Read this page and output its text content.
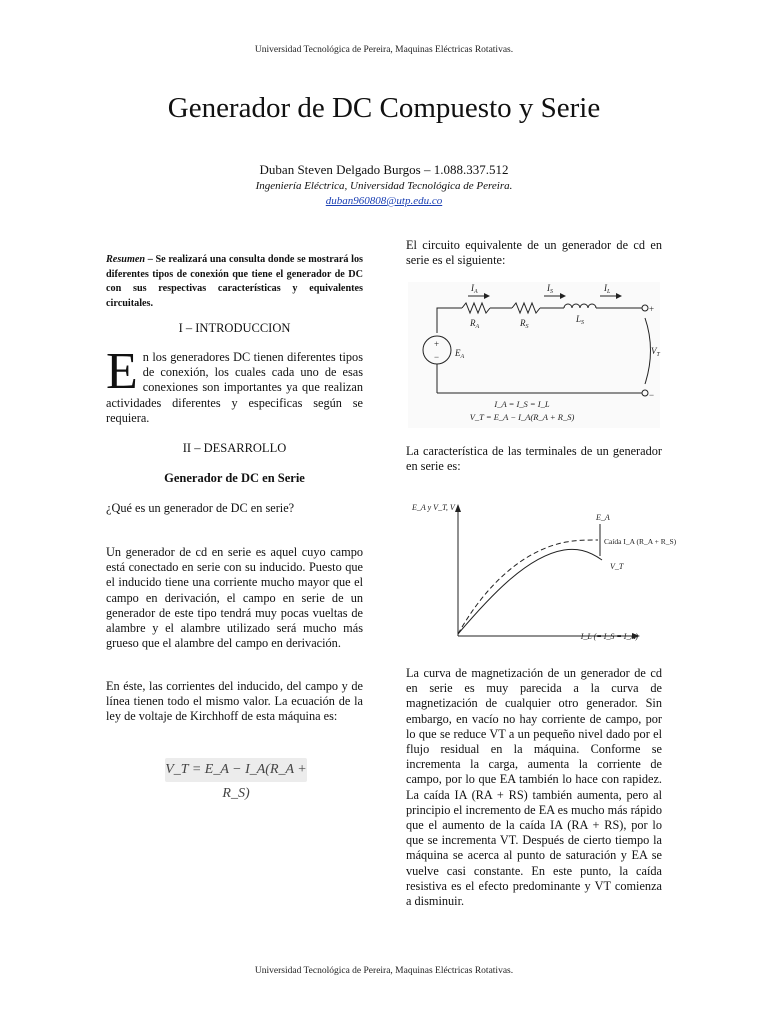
Universidad Tecnológica de Pereira, Maquinas Eléctricas Rotativas.
Generador de DC Compuesto y Serie
Duban Steven Delgado Burgos – 1.088.337.512
Ingeniería Eléctrica, Universidad Tecnológica de Pereira.
duban960808@utp.edu.co
Resumen – Se realizará una consulta donde se mostrará los diferentes tipos de conexión que tiene el generador de DC con sus respectivas características y equivalentes circuitales.
I – INTRODUCCION
En los generadores DC tienen diferentes tipos de conexión, los cuales cada uno de esas conexiones son importantes ya que realizan actividades diferentes y especificas según se requiera.
II – DESARROLLO
Generador de DC en Serie
¿Qué es un generador de DC en serie?
Un generador de cd en serie es aquel cuyo campo está conectado en serie con su inducido. Puesto que el inducido tiene una corriente mucho mayor que el campo en derivación, el campo en serie de un generador de este tipo tendrá muy pocas vueltas de alambre y el alambre utilizado será mucho más grueso que el alambre del campo en derivación.
En éste, las corrientes del inducido, del campo y de línea tienen todo el mismo valor. La ecuación de la ley de voltaje de Kirchhoff de esta máquina es:
V_T = E_A − I_A(R_A + R_S)
El circuito equivalente de un generador de cd en serie es el siguiente:
$I_A$	$I_S$	$I_L$
$R_A$	$R_S$
$L_S$
$E_A$
$V_T$
+
−
+
−
I_A = I_S = I_L
V_T = E_A − I_A(R_A + R_S)
La característica de las terminales de un generador en serie es:
E_A y V_T, V
I_L (= I_S = I_A)
E_A
V_T
Caída I_A (R_A + R_S)
La curva de magnetización de un generador de cd en serie es muy parecida a la curva de magnetización de cualquier otro generador. Sin embargo, en vacío no hay corriente de campo, por lo que se reduce VT a un pequeño nivel dado por el flujo residual en la máquina. Conforme se incrementa la carga, aumenta la corriente de campo, por lo que EA también lo hace con rapidez. La caída IA (RA + RS) también aumenta, pero al principio el incremento de EA es mucho más rápido que el aumento de la caída IA (RA + RS), por lo que se incrementa VT. Después de cierto tiempo la máquina se acerca al punto de saturación y EA se vuelve casi constante. En este punto, la caída resistiva es el efecto predominante y VT comienza a disminuir.
Universidad Tecnológica de Pereira, Maquinas Eléctricas Rotativas.
